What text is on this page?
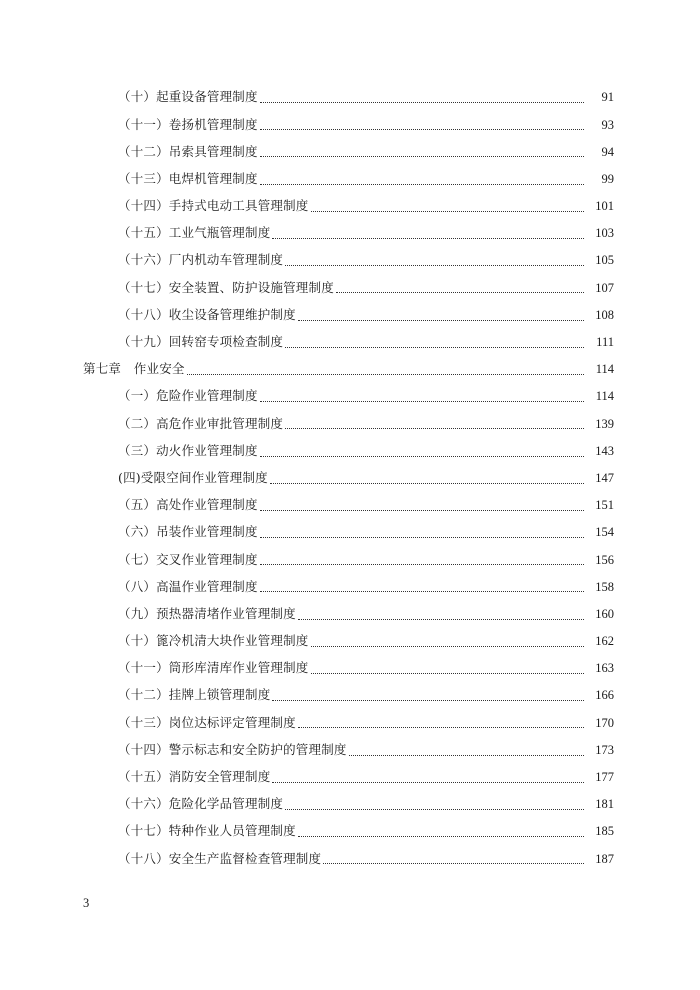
（十）起重设备管理制度	91
（十一）卷扬机管理制度	93
（十二）吊索具管理制度	94
（十三）电焊机管理制度	99
（十四）手持式电动工具管理制度	101
（十五）工业气瓶管理制度	103
（十六）厂内机动车管理制度	105
（十七）安全装置、防护设施管理制度	107
（十八）收尘设备管理维护制度	108
（十九）回转窑专项检查制度	111
第七章　作业安全	114
（一）危险作业管理制度	114
（二）高危作业审批管理制度	139
（三）动火作业管理制度	143
(四)受限空间作业管理制度	147
（五）高处作业管理制度	151
（六）吊装作业管理制度	154
（七）交叉作业管理制度	156
（八）高温作业管理制度	158
（九）预热器清堵作业管理制度	160
（十）篦冷机清大块作业管理制度	162
（十一）筒形库清库作业管理制度	163
（十二）挂牌上锁管理制度	166
（十三）岗位达标评定管理制度	170
（十四）警示标志和安全防护的管理制度	173
（十五）消防安全管理制度	177
（十六）危险化学品管理制度	181
（十七）特种作业人员管理制度	185
（十八）安全生产监督检查管理制度	187
3
